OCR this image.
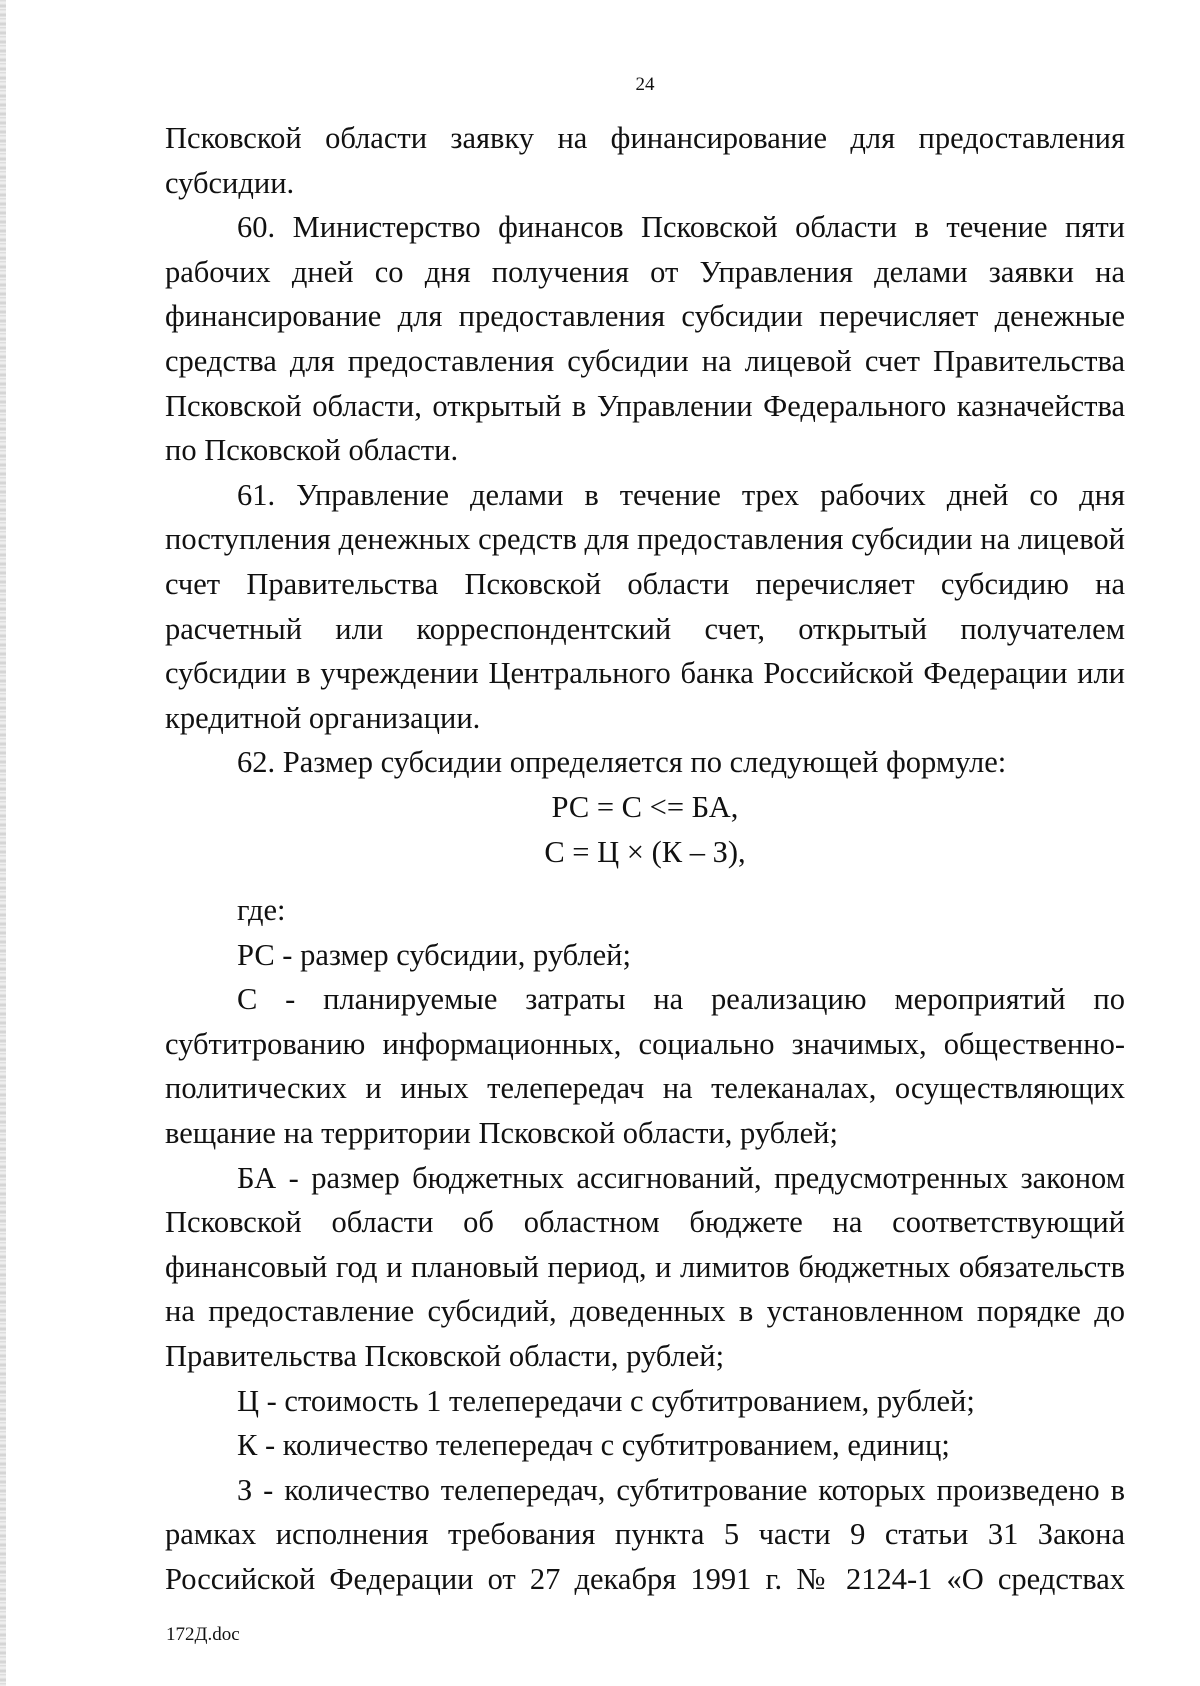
24

Псковской области заявку на финансирование для предоставления субсидии.

60. Министерство финансов Псковской области в течение пяти рабочих дней со дня получения от Управления делами заявки на финансирование для предоставления субсидии перечисляет денежные средства для предоставления субсидии на лицевой счет Правительства Псковской области, открытый в Управлении Федерального казначейства по Псковской области.

61. Управление делами в течение трех рабочих дней со дня поступления денежных средств для предоставления субсидии на лицевой счет Правительства Псковской области перечисляет субсидию на расчетный или корреспондентский счет, открытый получателем субсидии в учреждении Центрального банка Российской Федерации или кредитной организации.

62. Размер субсидии определяется по следующей формуле:

РС = С <= БА,

С = Ц × (К – З),

где:

РС - размер субсидии, рублей;

С - планируемые затраты на реализацию мероприятий по субтитрованию информационных, социально значимых, общественно-политических и иных телепередач на телеканалах, осуществляющих вещание на территории Псковской области, рублей;

БА - размер бюджетных ассигнований, предусмотренных законом Псковской области об областном бюджете на соответствующий финансовый год и плановый период, и лимитов бюджетных обязательств на предоставление субсидий, доведенных в установленном порядке до Правительства Псковской области, рублей;

Ц - стоимость 1 телепередачи с субтитрованием, рублей;

К - количество телепередач с субтитрованием, единиц;

З - количество телепередач, субтитрование которых произведено в рамках исполнения требования пункта 5 части 9 статьи 31 Закона Российской Федерации от 27 декабря 1991 г. № 2124-1 «О средствах

172Д.doc
